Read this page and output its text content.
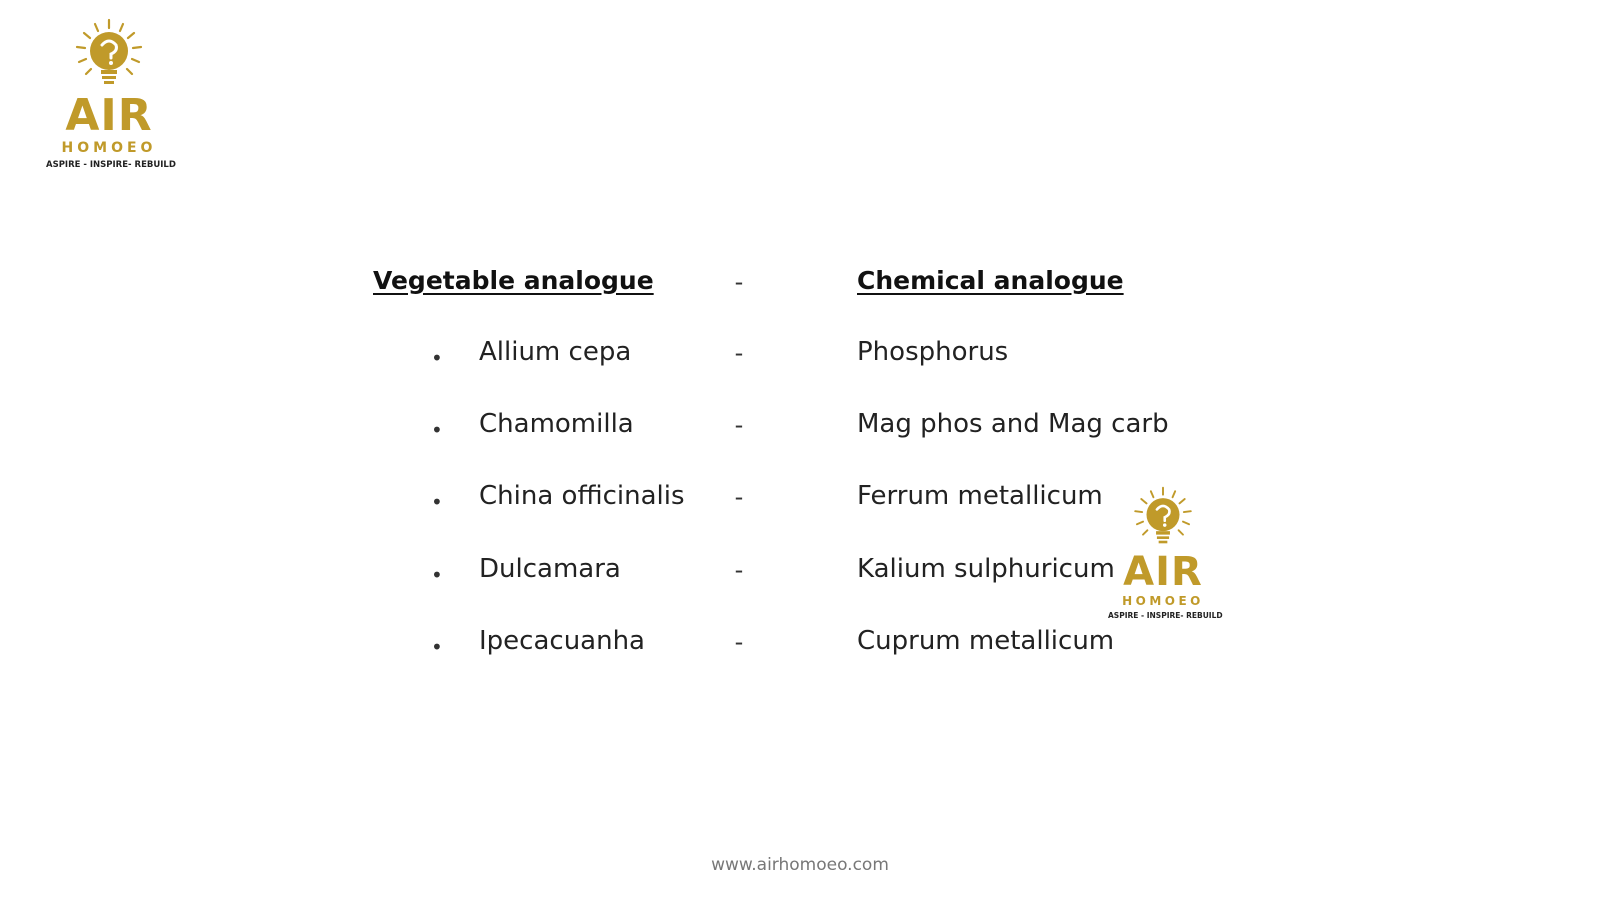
AIR
HOMOEO
ASPIRE - INSPIRE- REBUILD
Vegetable analogue	-	Chemical analogue
• Allium cepa	-	Phosphorus
• Chamomilla	-	Mag phos and Mag carb
• China officinalis -	Ferrum metallicum
• Dulcamara	-	Kalium sulphuricum
• Ipecacuanha	-	Cuprum metallicum
AIR
HOMOEO
ASPIRE - INSPIRE- REBUILD
www.airhomoeo.com
